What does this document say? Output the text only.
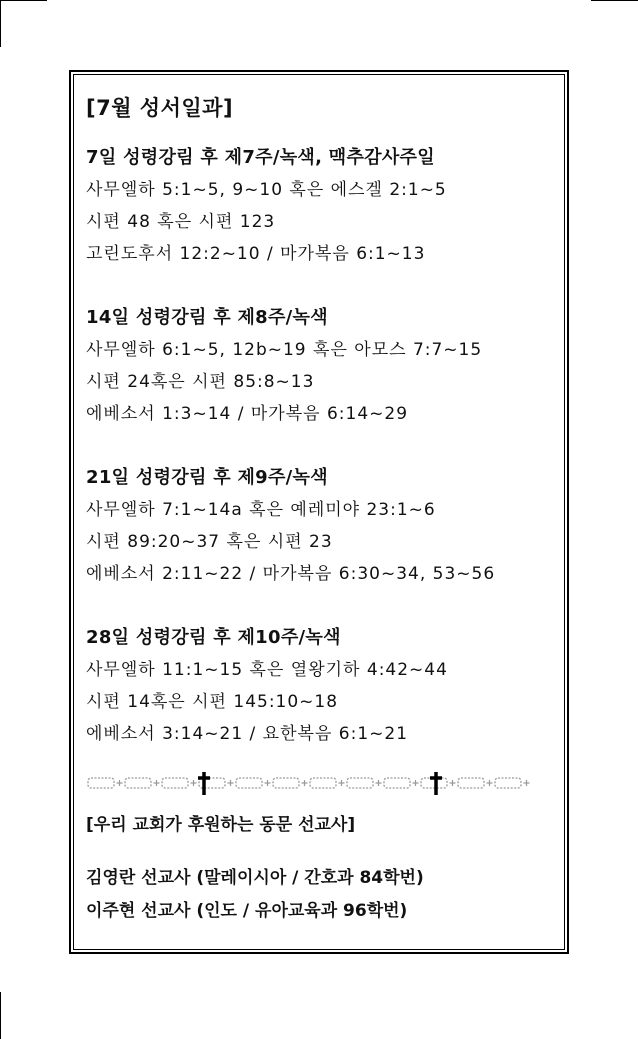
[7월 성서일과]
7일 성령강림 후 제7주/녹색, 맥추감사주일
사무엘하 5:1~5, 9~10 혹은 에스겔 2:1~5
시편 48 혹은 시편 123
고린도후서 12:2~10 / 마가복음 6:1~13
14일 성령강림 후 제8주/녹색
사무엘하 6:1~5, 12b~19 혹은 아모스 7:7~15
시편 24혹은 시편 85:8~13
에베소서 1:3~14 / 마가복음 6:14~29
21일 성령강림 후 제9주/녹색
사무엘하 7:1~14a 혹은 예레미야 23:1~6
시편 89:20~37 혹은 시편 23
에베소서 2:11~22 / 마가복음 6:30~34, 53~56
28일 성령강림 후 제10주/녹색
사무엘하 11:1~15 혹은 열왕기하 4:42~44
시편 14혹은 시편 145:10~18
에베소서 3:14~21 / 요한복음 6:1~21
[우리 교회가 후원하는 동문 선교사]
김영란 선교사 (말레이시아 / 간호과 84학번)
이주현 선교사 (인도 / 유아교육과 96학번)
